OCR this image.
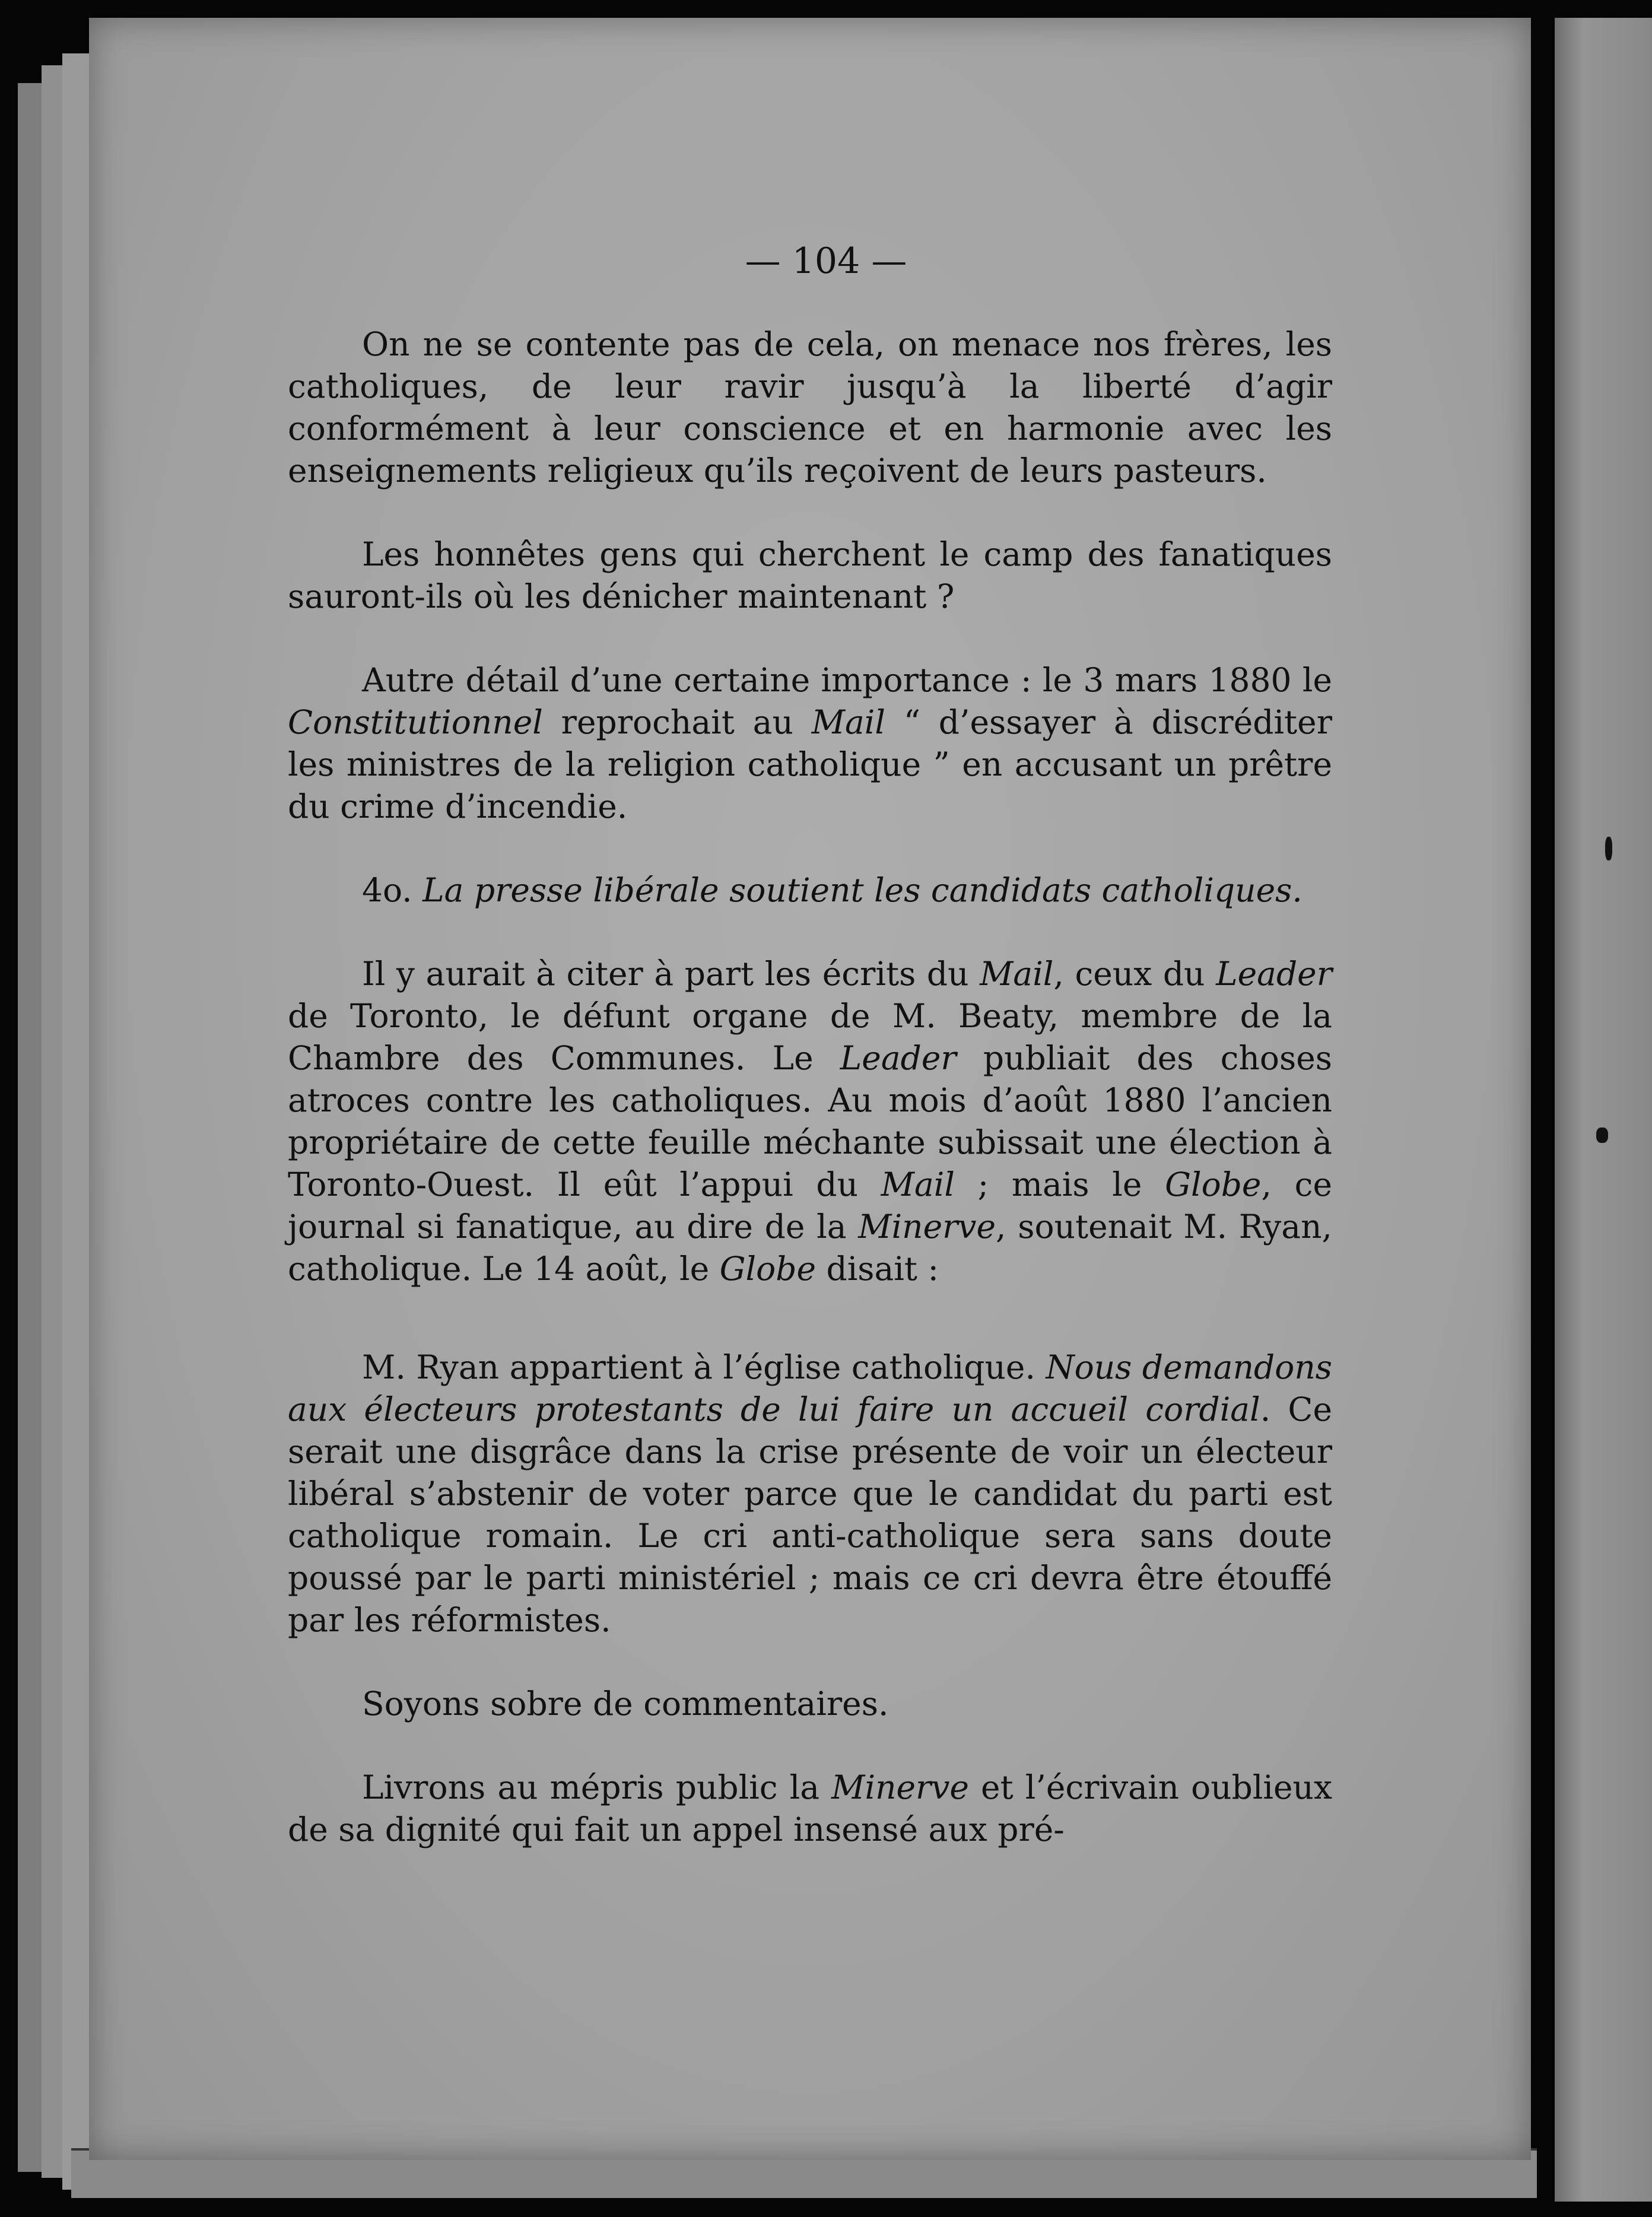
— 104 —

On ne se contente pas de cela, on menace nos frères, les catholiques, de leur ravir jusqu’à la liberté d’agir conformément à leur conscience et en harmonie avec les enseignements religieux qu’ils reçoivent de leurs pasteurs.

Les honnêtes gens qui cherchent le camp des fanatiques sauront-ils où les dénicher maintenant ?

Autre détail d’une certaine importance : le 3 mars 1880 le Constitutionnel reprochait au Mail “ d’essayer à discréditer les ministres de la religion catholique ” en accusant un prêtre du crime d’incendie.

4o. La presse libérale soutient les candidats catholiques.

Il y aurait à citer à part les écrits du Mail, ceux du Leader de Toronto, le défunt organe de M. Beaty, membre de la Chambre des Communes. Le Leader publiait des choses atroces contre les catholiques. Au mois d’août 1880 l’ancien propriétaire de cette feuille méchante subissait une élection à Toronto-Ouest. Il eût l’appui du Mail ; mais le Globe, ce journal si fanatique, au dire de la Minerve, soutenait M. Ryan, catholique. Le 14 août, le Globe disait :

M. Ryan appartient à l’église catholique. Nous demandons aux électeurs protestants de lui faire un accueil cordial. Ce serait une disgrâce dans la crise présente de voir un électeur libéral s’abstenir de voter parce que le candidat du parti est catholique romain. Le cri anti-catholique sera sans doute poussé par le parti ministériel ; mais ce cri devra être étouffé par les réformistes.

Soyons sobre de commentaires.

Livrons au mépris public la Minerve et l’écrivain oublieux de sa dignité qui fait un appel insensé aux pré-
